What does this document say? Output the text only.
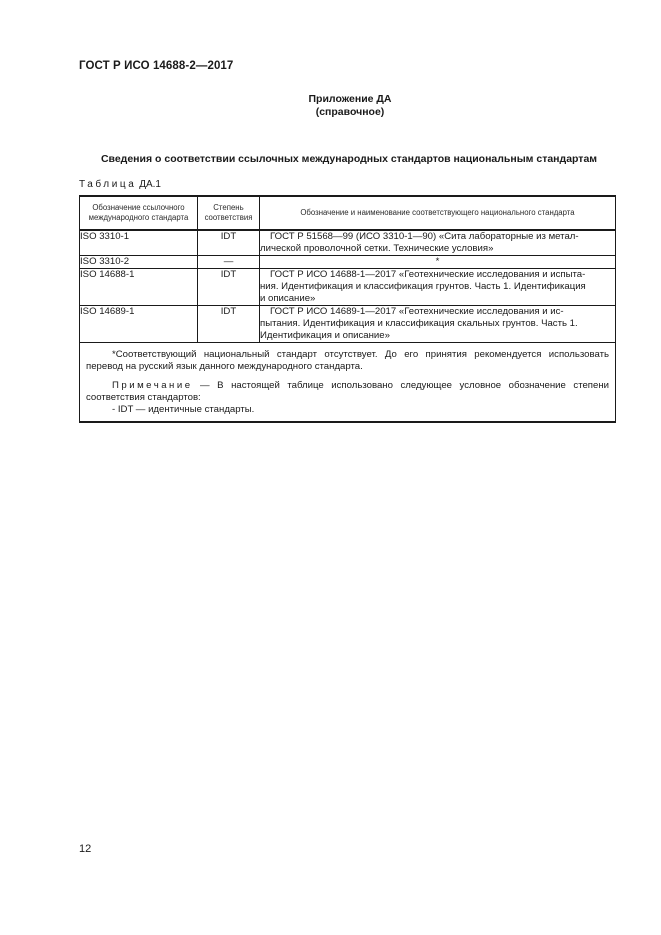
ГОСТ Р ИСО 14688-2—2017
Приложение ДА
(справочное)
Сведения о соответствии ссылочных международных стандартов национальным стандартам
Таблица ДА.1
Обозначение ссылочного международного стандарта	Степень соответствия	Обозначение и наименование соответствующего национального стандарта
ISO 3310-1	IDT	ГОСТ Р 51568—99 (ИСО 3310-1—90) «Сита лабораторные из метал-
лической проволочной сетки. Технические условия»

ISO 3310-2	—	*
ISO 14688-1	IDT	ГОСТ Р ИСО 14688-1—2017 «Геотехнические исследования и испыта-
ния. Идентификация и классификация грунтов. Часть 1. Идентификация
и описание»

ISO 14689-1	IDT	ГОСТ Р ИСО 14689-1—2017 «Геотехнические исследования и ис-
пытания. Идентификация и классификация скальных грунтов. Часть 1.
Идентификация и описание»

*Соответствующий национальный стандарт отсутствует. До его принятия рекомендуется использовать перевод на русский язык данного международного стандарта.

Примечание — В настоящей таблице использовано следующее условное обозначение степени соответствия стандартов:

- IDT — идентичные стандарты.		

12
